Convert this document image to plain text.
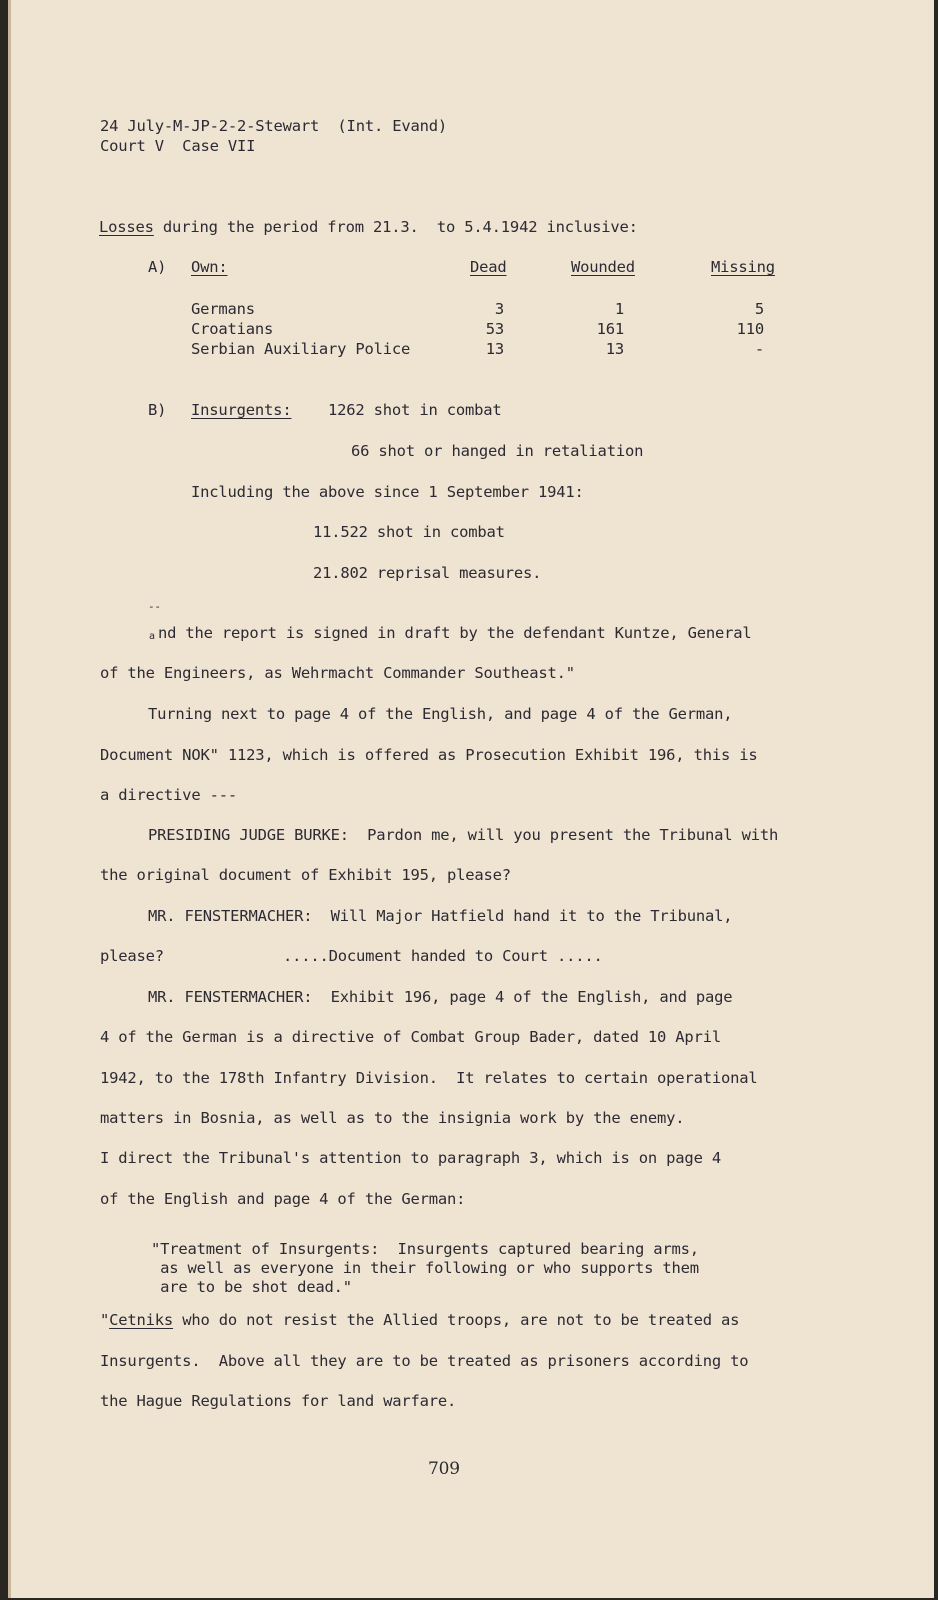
24 July-M-JP-2-2-Stewart  (Int. Evand)
Court V  Case VII
Losses during the period from 21.3.  to 5.4.1942 inclusive:
A) Own:	Dead	Wounded	Missing
Germans	3	1	5
Croatians	53	161	110
Serbian Auxiliary Police	13	13	-
B) Insurgents: 1262 shot in combat
66 shot or hanged in retaliation
Including the above since 1 September 1941:
11.522 shot in combat
21.802 reprisal measures.
--
a nd the report is signed in draft by the defendant Kuntze, General
of the Engineers, as Wehrmacht Commander Southeast."
Turning next to page 4 of the English, and page 4 of the German,
Document NOK" 1123, which is offered as Prosecution Exhibit 196, this is
a directive ---
PRESIDING JUDGE BURKE:  Pardon me, will you present the Tribunal with
the original document of Exhibit 195, please?
MR. FENSTERMACHER:  Will Major Hatfield hand it to the Tribunal,
please?	.....Document handed to Court .....
MR. FENSTERMACHER:  Exhibit 196, page 4 of the English, and page
4 of the German is a directive of Combat Group Bader, dated 10 April
1942, to the 178th Infantry Division.  It relates to certain operational
matters in Bosnia, as well as to the insignia work by the enemy.
I direct the Tribunal's attention to paragraph 3, which is on page 4
of the English and page 4 of the German:
"Treatment of Insurgents:  Insurgents captured bearing arms,
as well as everyone in their following or who supports them
are to be shot dead."
"Cetniks who do not resist the Allied troops, are not to be treated as
Insurgents.  Above all they are to be treated as prisoners according to
the Hague Regulations for land warfare.
709
